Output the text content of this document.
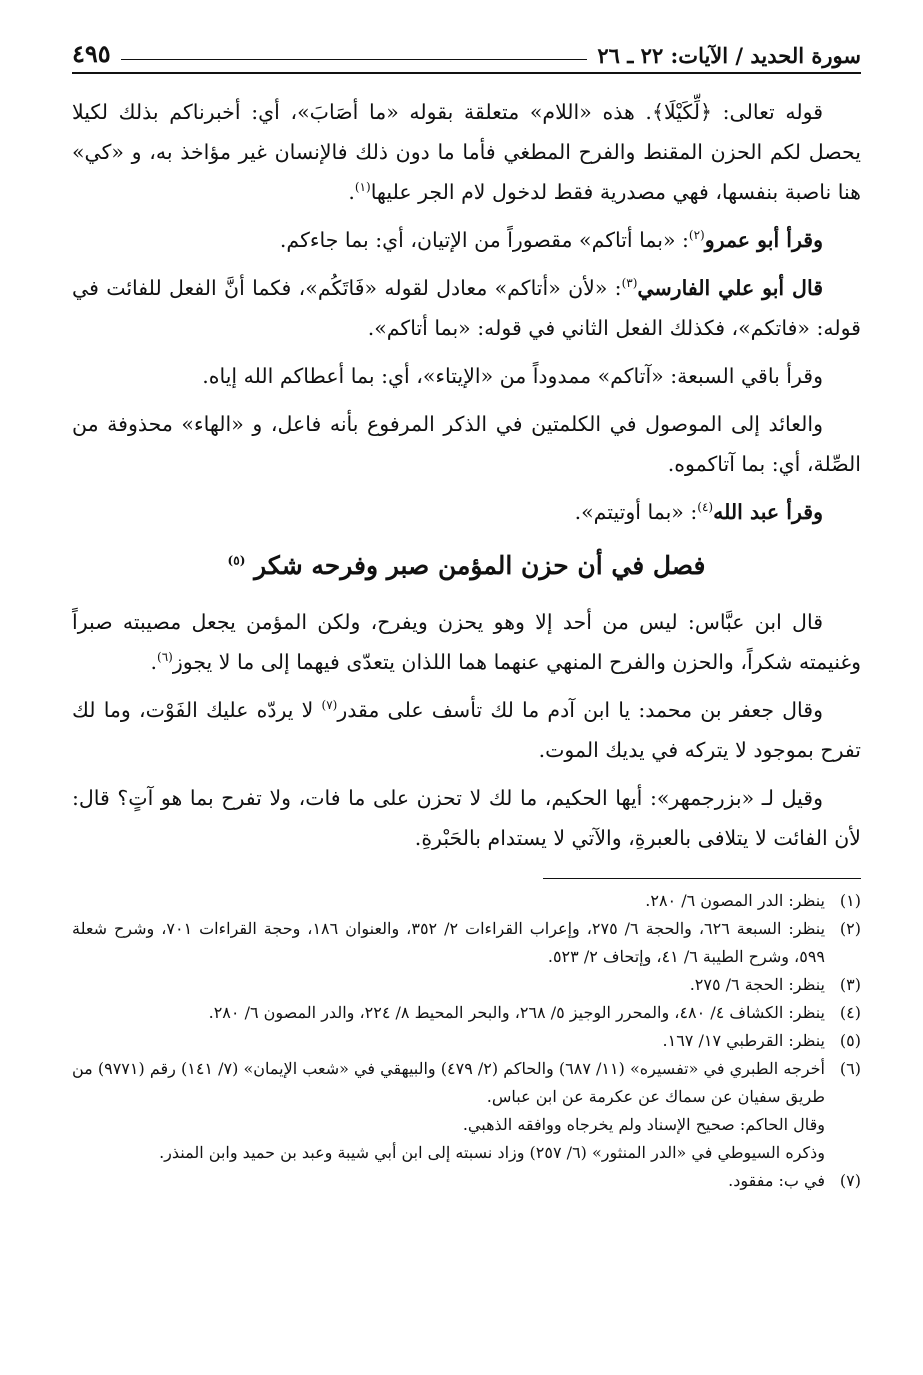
سورة الحديد / الآيات: ٢٢ ـ ٢٦
٤٩٥

قوله تعالى: ﴿لِّكَيْلَا﴾. هذه «اللام» متعلقة بقوله «ما أصَابَ»، أي: أخبرناكم بذلك لكيلا يحصل لكم الحزن المقنط والفرح المطغي فأما ما دون ذلك فالإنسان غير مؤاخذ به، و «كي» هنا ناصبة بنفسها، فهي مصدرية فقط لدخول لام الجر عليها$^{(١)}$.

وقرأ أبو عمرو$^{(٢)}$: «بما أتاكم» مقصوراً من الإتيان، أي: بما جاءكم.

قال أبو علي الفارسي$^{(٣)}$: «لأن «أتاكم» معادل لقوله «فَاتَكُم»، فكما أنَّ الفعل للفائت في قوله: «فاتكم»، فكذلك الفعل الثاني في قوله: «بما أتاكم».

وقرأ باقي السبعة: «آتاكم» ممدوداً من «الإيتاء»، أي: بما أعطاكم الله إياه.

والعائد إلى الموصول في الكلمتين في الذكر المرفوع بأنه فاعل، و «الهاء» محذوفة من الصِّلة، أي: بما آتاكموه.

وقرأ عبد الله$^{(٤)}$: «بما أوتيتم».

فصل في أن حزن المؤمن صبر وفرحه شكر $^{(٥)}$

قال ابن عبَّاس: ليس من أحد إلا وهو يحزن ويفرح، ولكن المؤمن يجعل مصيبته صبراً وغنيمته شكراً، والحزن والفرح المنهي عنهما هما اللذان يتعدّى فيهما إلى ما لا يجوز$^{(٦)}$.

وقال جعفر بن محمد: يا ابن آدم ما لك تأسف على مقدر$^{(٧)}$ لا يردّه عليك الفَوْت، وما لك تفرح بموجود لا يتركه في يديك الموت.

وقيل لـ «بزرجمهر»: أيها الحكيم، ما لك لا تحزن على ما فات، ولا تفرح بما هو آتٍ؟ قال: لأن الفائت لا يتلافى بالعبرةِ، والآتي لا يستدام بالحَبْرةِ.

(١)
ينظر: الدر المصون ٦/ ٢٨٠.
(٢)
ينظر: السبعة ٦٢٦، والحجة ٦/ ٢٧٥، وإعراب القراءات ٢/ ٣٥٢، والعنوان ١٨٦، وحجة القراءات ٧٠١، وشرح شعلة ٥٩٩، وشرح الطيبة ٦/ ٤١، وإتحاف ٢/ ٥٢٣.
(٣)
ينظر: الحجة ٦/ ٢٧٥.
(٤)
ينظر: الكشاف ٤/ ٤٨٠، والمحرر الوجيز ٥/ ٢٦٨، والبحر المحيط ٨/ ٢٢٤، والدر المصون ٦/ ٢٨٠.
(٥)
ينظر: القرطبي ١٧/ ١٦٧.
(٦)
أخرجه الطبري في «تفسيره» (١١/ ٦٨٧) والحاكم (٢/ ٤٧٩) والبيهقي في «شعب الإيمان» (٧/ ١٤١) رقم (٩٧٧١) من طريق سفيان عن سماك عن عكرمة عن ابن عباس.
وقال الحاكم: صحيح الإسناد ولم يخرجاه ووافقه الذهبي.
وذكره السيوطي في «الدر المنثور» (٦/ ٢٥٧) وزاد نسبته إلى ابن أبي شيبة وعبد بن حميد وابن المنذر.
(٧)
في ب: مفقود.
